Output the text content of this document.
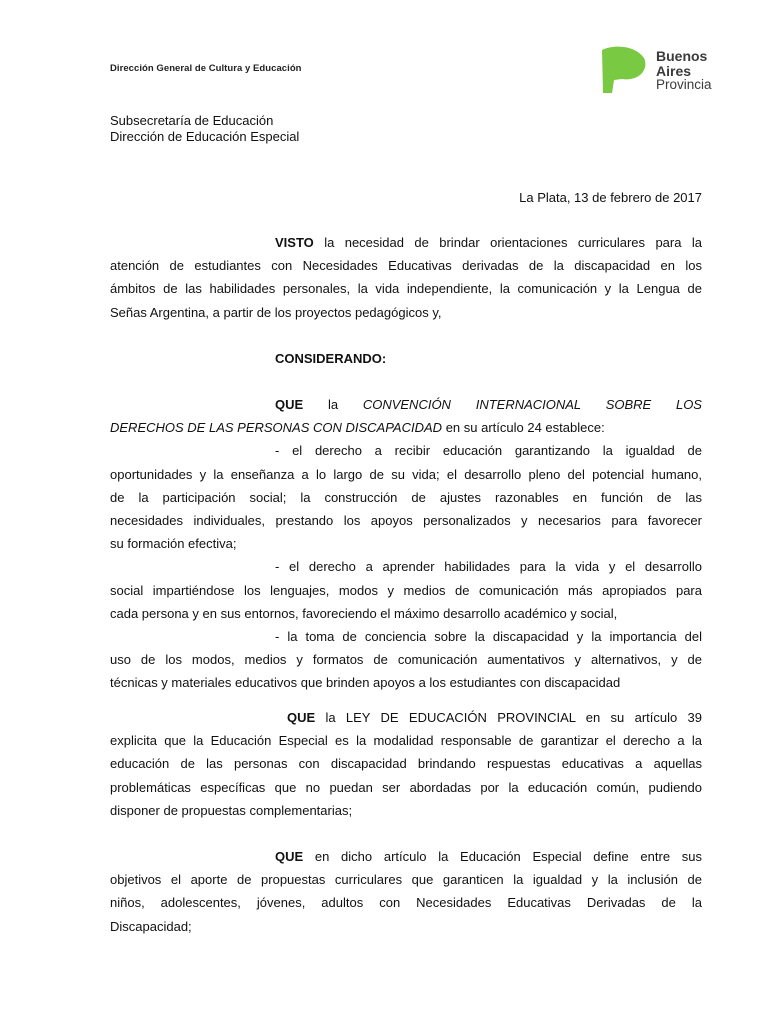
Dirección General de Cultura y Educación
Buenos
Aires
Provincia
Subsecretaría de Educación
Dirección de Educación Especial
La Plata, 13 de febrero de 2017
VISTO la necesidad de brindar orientaciones curriculares para la
atención de estudiantes con Necesidades Educativas derivadas de la discapacidad en los
ámbitos de las habilidades personales, la vida independiente, la comunicación y la Lengua de
Señas Argentina, a partir de los proyectos pedagógicos y,
CONSIDERANDO:
QUE la CONVENCIÓN INTERNACIONAL SOBRE LOS
DERECHOS DE LAS PERSONAS CON DISCAPACIDAD en su artículo 24 establece:
- el derecho a recibir educación garantizando la igualdad de
oportunidades y la enseñanza a lo largo de su vida; el desarrollo pleno del potencial humano,
de la participación social; la construcción de ajustes razonables en función de las
necesidades individuales, prestando los apoyos personalizados y necesarios para favorecer
su formación efectiva;
- el derecho a aprender habilidades para la vida y el desarrollo
social impartiéndose los lenguajes, modos y medios de comunicación más apropiados para
cada persona y en sus entornos, favoreciendo el máximo desarrollo académico y social,
- la toma de conciencia sobre la discapacidad y la importancia del
uso de los modos, medios y formatos de comunicación aumentativos y alternativos, y de
técnicas y materiales educativos que brinden apoyos a los estudiantes con discapacidad
QUE la LEY DE EDUCACIÓN PROVINCIAL en su artículo 39
explicita que la Educación Especial es la modalidad responsable de garantizar el derecho a la
educación de las personas con discapacidad brindando respuestas educativas a aquellas
problemáticas específicas que no puedan ser abordadas por la educación común, pudiendo
disponer de propuestas complementarias;
QUE en dicho artículo la Educación Especial define entre sus
objetivos el aporte de propuestas curriculares que garanticen la igualdad y la inclusión de
niños, adolescentes, jóvenes, adultos con Necesidades Educativas Derivadas de la
Discapacidad;
